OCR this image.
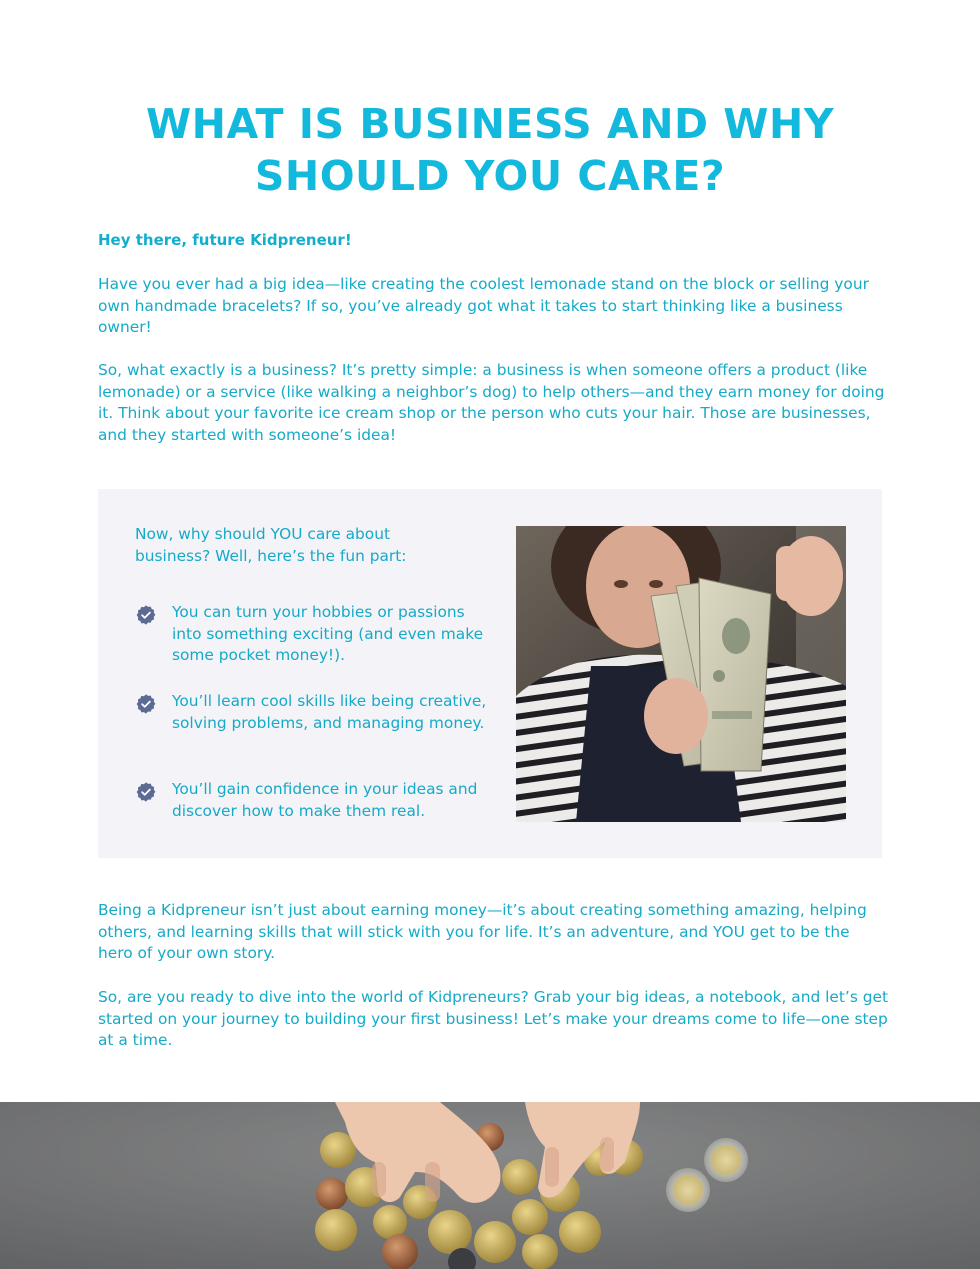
WHAT IS BUSINESS AND WHY
SHOULD YOU CARE?

Hey there, future Kidpreneur!

Have you ever had a big idea—like creating the coolest lemonade stand on the block or selling your own handmade bracelets? If so, you’ve already got what it takes to start thinking like a business owner!

So, what exactly is a business? It’s pretty simple: a business is when someone offers a product (like lemonade) or a service (like walking a neighbor’s dog) to help others—and they earn money for doing it. Think about your favorite ice cream shop or the person who cuts your hair. Those are businesses, and they started with someone’s idea!

Now, why should YOU care about business? Well, here’s the fun part:

You can turn your hobbies or passions into something exciting (and even make some pocket money!).

You’ll learn cool skills like being creative, solving problems, and managing money.

You’ll gain confidence in your ideas and discover how to make them real.

Being a Kidpreneur isn’t just about earning money—it’s about creating something amazing, helping others, and learning skills that will stick with you for life. It’s an adventure, and YOU get to be the hero of your own story.

So, are you ready to dive into the world of Kidpreneurs? Grab your big ideas, a notebook, and let’s get started on your journey to building your first business! Let’s make your dreams come to life—one step at a time.
